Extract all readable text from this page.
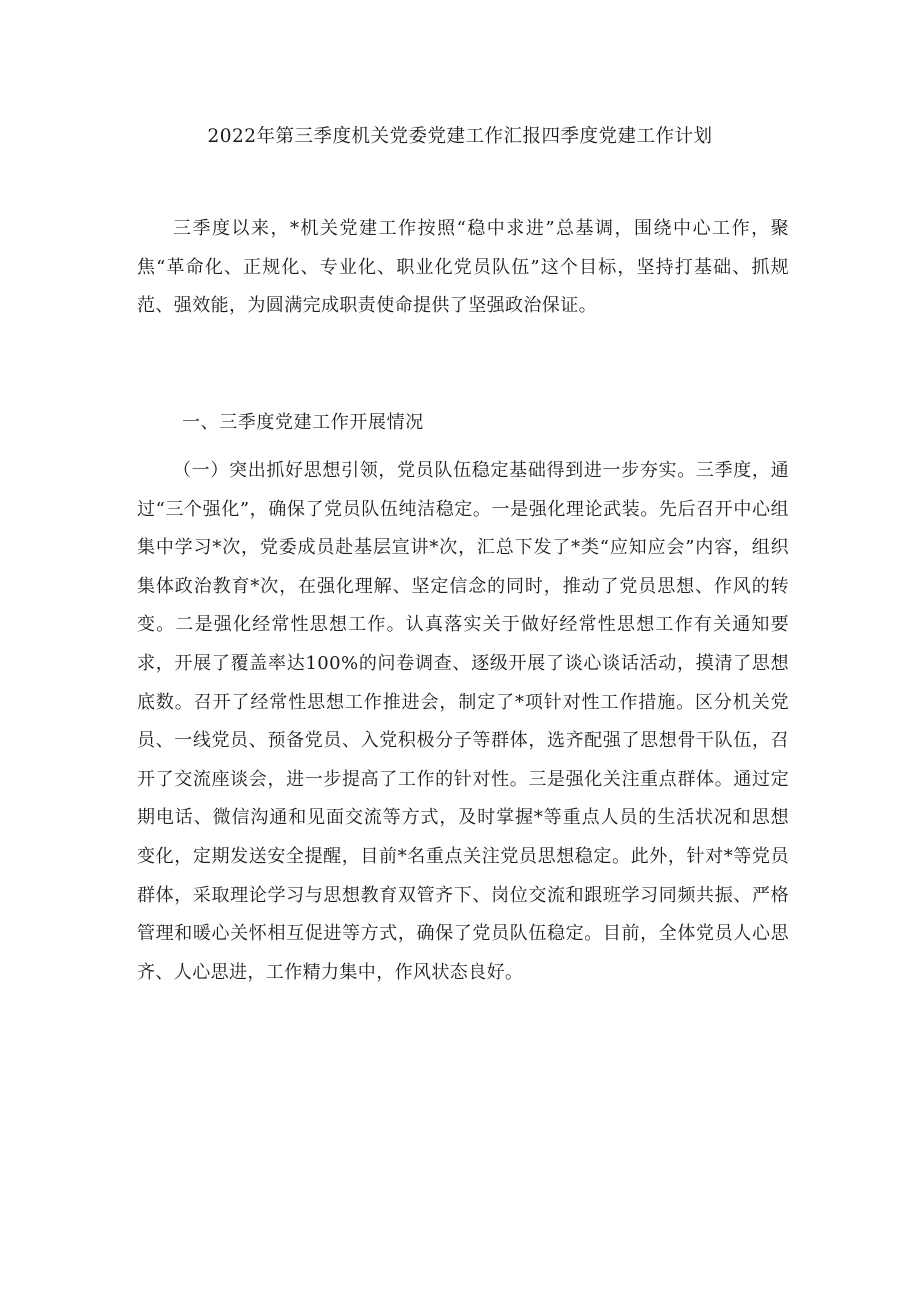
2022年第三季度机关党委党建工作汇报四季度党建工作计划

三季度以来，*机关党建工作按照“稳中求进”总基调，围绕中心工作，聚焦“革命化、正规化、专业化、职业化党员队伍”这个目标，坚持打基础、抓规范、强效能，为圆满完成职责使命提供了坚强政治保证。

一、三季度党建工作开展情况

（一）突出抓好思想引领，党员队伍稳定基础得到进一步夯实。三季度，通过“三个强化”，确保了党员队伍纯洁稳定。一是强化理论武装。先后召开中心组集中学习*次，党委成员赴基层宣讲*次，汇总下发了*类“应知应会”内容，组织集体政治教育*次，在强化理解、坚定信念的同时，推动了党员思想、作风的转变。二是强化经常性思想工作。认真落实关于做好经常性思想工作有关通知要求，开展了覆盖率达100%的问卷调查、逐级开展了谈心谈话活动，摸清了思想底数。召开了经常性思想工作推进会，制定了*项针对性工作措施。区分机关党员、一线党员、预备党员、入党积极分子等群体，选齐配强了思想骨干队伍，召开了交流座谈会，进一步提高了工作的针对性。三是强化关注重点群体。通过定期电话、微信沟通和见面交流等方式，及时掌握*等重点人员的生活状况和思想变化，定期发送安全提醒，目前*名重点关注党员思想稳定。此外，针对*等党员群体，采取理论学习与思想教育双管齐下、岗位交流和跟班学习同频共振、严格管理和暖心关怀相互促进等方式，确保了党员队伍稳定。目前，全体党员人心思齐、人心思进，工作精力集中，作风状态良好。
